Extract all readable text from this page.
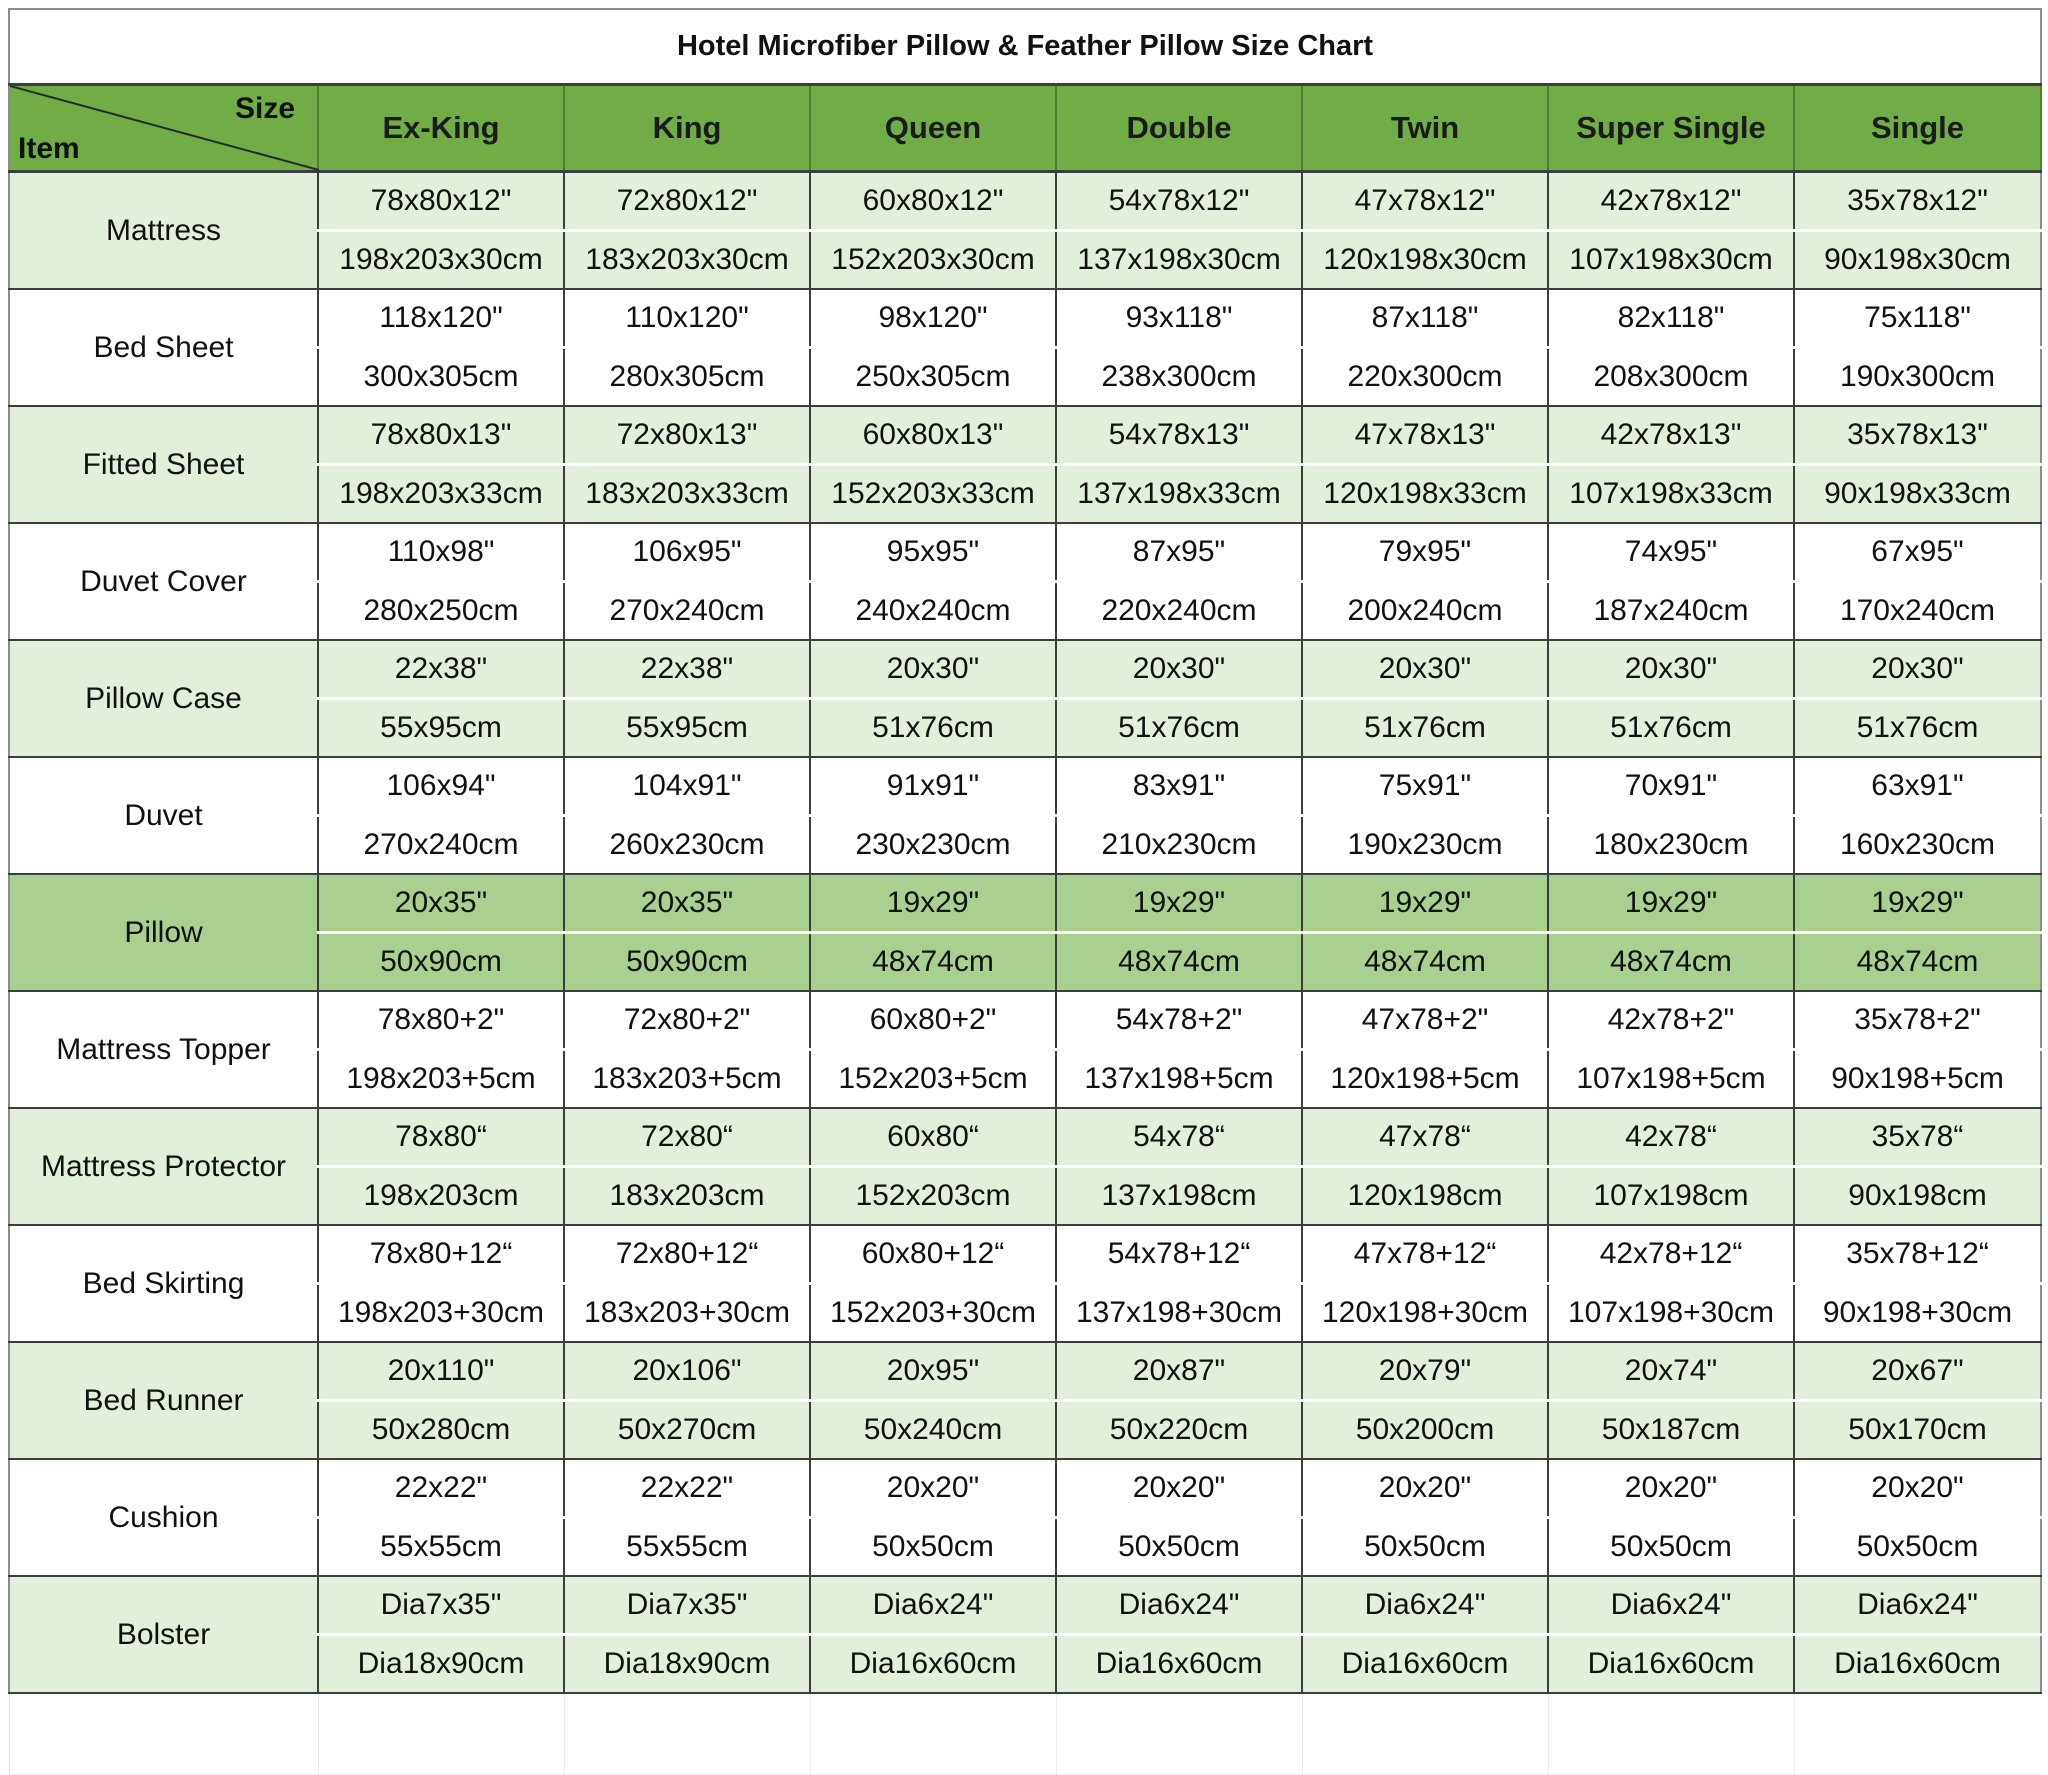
Hotel Microfiber Pillow & Feather Pillow Size Chart							

Size
Item	Ex-King	King	Queen	Double	Twin	Super Single	Single
Mattress	78x80x12"	72x80x12"	60x80x12"	54x78x12"	47x78x12"	42x78x12"	35x78x12"
	198x203x30cm	183x203x30cm	152x203x30cm	137x198x30cm	120x198x30cm	107x198x30cm	90x198x30cm
Bed Sheet	118x120"	110x120"	98x120"	93x118"	87x118"	82x118"	75x118"
	300x305cm	280x305cm	250x305cm	238x300cm	220x300cm	208x300cm	190x300cm
Fitted Sheet	78x80x13"	72x80x13"	60x80x13"	54x78x13"	47x78x13"	42x78x13"	35x78x13"
	198x203x33cm	183x203x33cm	152x203x33cm	137x198x33cm	120x198x33cm	107x198x33cm	90x198x33cm
Duvet Cover	110x98"	106x95"	95x95"	87x95"	79x95"	74x95"	67x95"
	280x250cm	270x240cm	240x240cm	220x240cm	200x240cm	187x240cm	170x240cm
Pillow Case	22x38"	22x38"	20x30"	20x30"	20x30"	20x30"	20x30"
	55x95cm	55x95cm	51x76cm	51x76cm	51x76cm	51x76cm	51x76cm
Duvet	106x94"	104x91"	91x91"	83x91"	75x91"	70x91"	63x91"
	270x240cm	260x230cm	230x230cm	210x230cm	190x230cm	180x230cm	160x230cm
Pillow	20x35"	20x35"	19x29"	19x29"	19x29"	19x29"	19x29"
	50x90cm	50x90cm	48x74cm	48x74cm	48x74cm	48x74cm	48x74cm
Mattress Topper	78x80+2"	72x80+2"	60x80+2"	54x78+2"	47x78+2"	42x78+2"	35x78+2"
	198x203+5cm	183x203+5cm	152x203+5cm	137x198+5cm	120x198+5cm	107x198+5cm	90x198+5cm
Mattress Protector	78x80“	72x80“	60x80“	54x78“	47x78“	42x78“	35x78“
	198x203cm	183x203cm	152x203cm	137x198cm	120x198cm	107x198cm	90x198cm
Bed Skirting	78x80+12“	72x80+12“	60x80+12“	54x78+12“	47x78+12“	42x78+12“	35x78+12“
	198x203+30cm	183x203+30cm	152x203+30cm	137x198+30cm	120x198+30cm	107x198+30cm	90x198+30cm
Bed Runner	20x110"	20x106"	20x95"	20x87"	20x79"	20x74"	20x67"
	50x280cm	50x270cm	50x240cm	50x220cm	50x200cm	50x187cm	50x170cm
Cushion	22x22"	22x22"	20x20"	20x20"	20x20"	20x20"	20x20"
	55x55cm	55x55cm	50x50cm	50x50cm	50x50cm	50x50cm	50x50cm
Bolster	Dia7x35"	Dia7x35"	Dia6x24"	Dia6x24"	Dia6x24"	Dia6x24"	Dia6x24"
	Dia18x90cm	Dia18x90cm	Dia16x60cm	Dia16x60cm	Dia16x60cm	Dia16x60cm	Dia16x60cm
